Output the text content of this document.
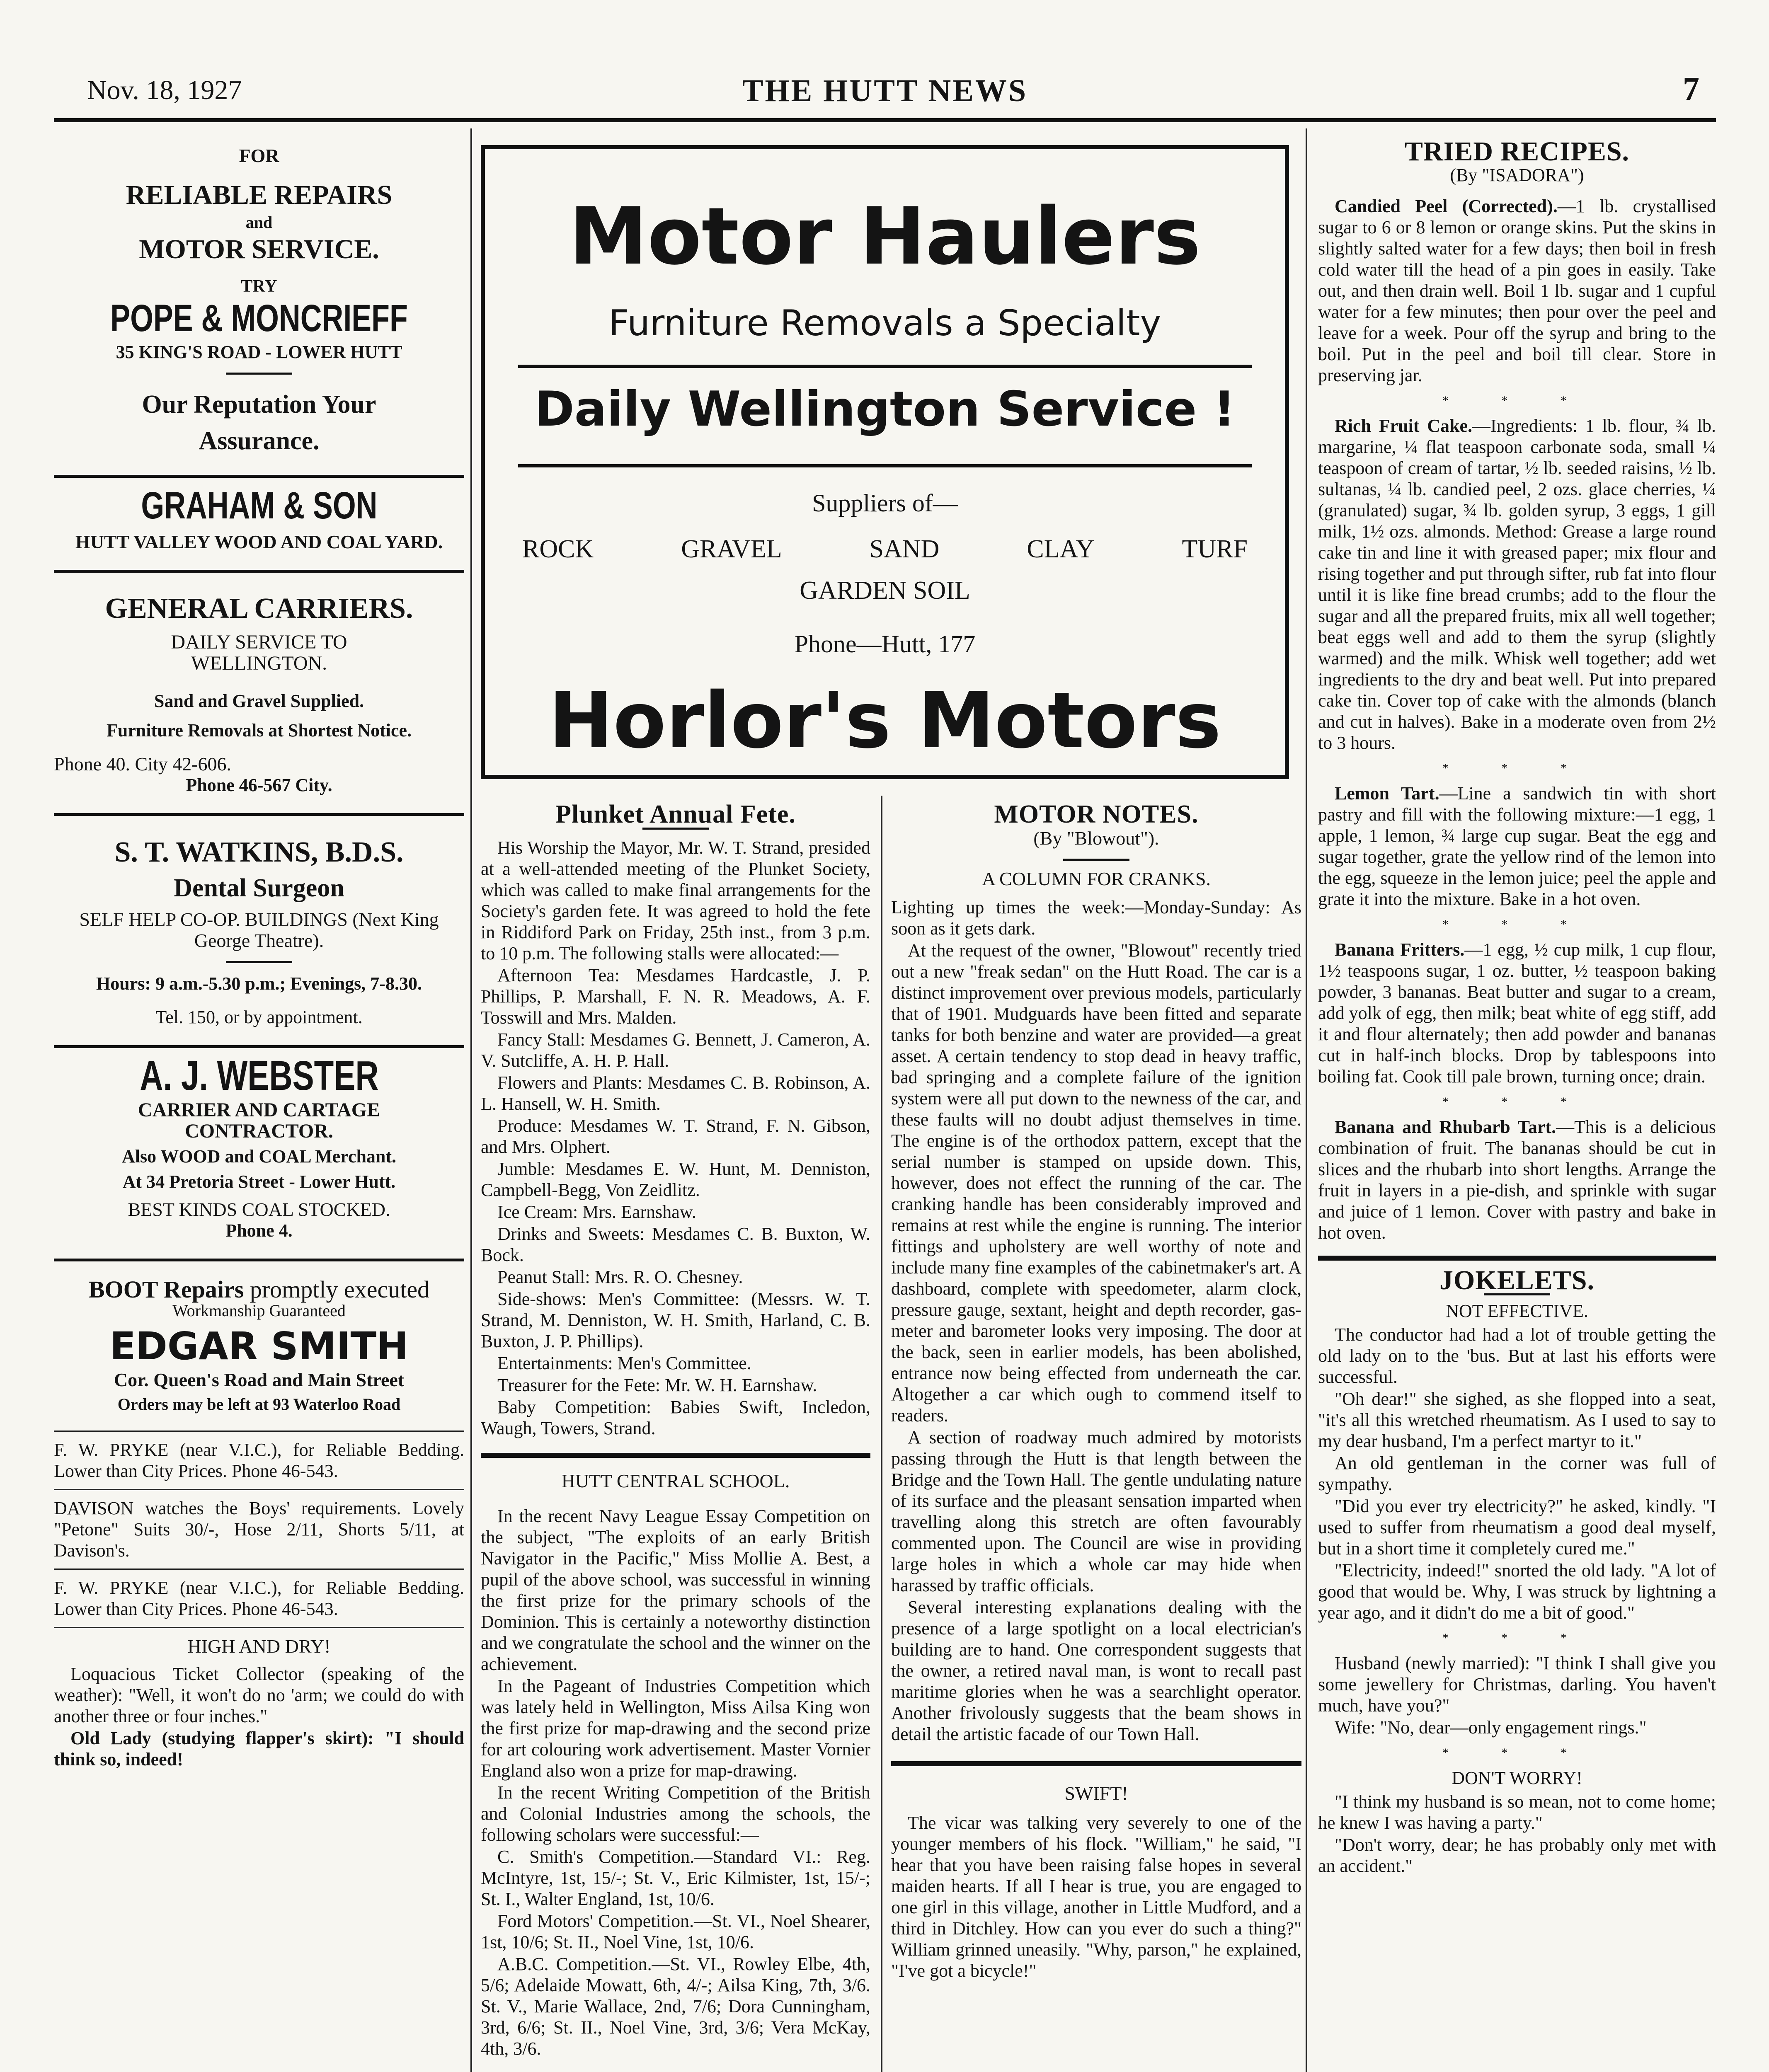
Nov. 18, 1927	THE HUTT NEWS	7
FOR
RELIABLE REPAIRS
and
MOTOR SERVICE.
TRY
POPE & MONCRIEFF
35 KING'S ROAD - LOWER HUTT
Our Reputation Your
Assurance.
GRAHAM & SON
HUTT VALLEY WOOD AND COAL YARD.
GENERAL CARRIERS.
DAILY SERVICE TO WELLINGTON.
Sand and Gravel Supplied.
Furniture Removals at Shortest Notice.
Phone 40. City 42-606.
Phone 46-567 City.
S. T. WATKINS, B.D.S.
Dental Surgeon
SELF HELP CO-OP. BUILDINGS (Next King George Theatre).
Hours: 9 a.m.-5.30 p.m.; Evenings, 7-8.30.
Tel. 150, or by appointment.
A. J. WEBSTER
CARRIER AND CARTAGE CONTRACTOR.
Also WOOD and COAL Merchant.
At 34 Pretoria Street - Lower Hutt.
BEST KINDS COAL STOCKED.
Phone 4.
BOOT Repairs promptly executed
Workmanship Guaranteed
EDGAR SMITH
Cor. Queen's Road and Main Street
Orders may be left at 93 Waterloo Road

F. W. PRYKE (near V.I.C.), for Reliable Bedding. Lower than City Prices. Phone 46-543.

DAVISON watches the Boys' requirements. Lovely "Petone" Suits 30/-, Hose 2/11, Shorts 5/11, at Davison's.

F. W. PRYKE (near V.I.C.), for Reliable Bedding. Lower than City Prices. Phone 46-543.

HIGH AND DRY!

Loquacious Ticket Collector (speaking of the weather): "Well, it won't do no 'arm; we could do with another three or four inches."

Old Lady (studying flapper's skirt): "I should think so, indeed!

Motor Haulers
Furniture Removals a Specialty
Daily Wellington Service !
Suppliers of—
ROCK	GRAVEL	SAND	CLAY	TURF
GARDEN SOIL
Phone—Hutt, 177
Horlor's Motors
Plunket Annual Fete.

His Worship the Mayor, Mr. W. T. Strand, presided at a well-attended meeting of the Plunket Society, which was called to make final arrangements for the Society's garden fete. It was agreed to hold the fete in Riddiford Park on Friday, 25th inst., from 3 p.m. to 10 p.m. The following stalls were allocated:—

Afternoon Tea: Mesdames Hardcastle, J. P. Phillips, P. Marshall, F. N. R. Meadows, A. F. Tosswill and Mrs. Malden.

Fancy Stall: Mesdames G. Bennett, J. Cameron, A. V. Sutcliffe, A. H. P. Hall.

Flowers and Plants: Mesdames C. B. Robinson, A. L. Hansell, W. H. Smith.

Produce: Mesdames W. T. Strand, F. N. Gibson, and Mrs. Olphert.

Jumble: Mesdames E. W. Hunt, M. Denniston, Campbell-Begg, Von Zeidlitz.

Ice Cream: Mrs. Earnshaw.

Drinks and Sweets: Mesdames C. B. Buxton, W. Bock.

Peanut Stall: Mrs. R. O. Chesney.

Side-shows: Men's Committee: (Messrs. W. T. Strand, M. Denniston, W. H. Smith, Harland, C. B. Buxton, J. P. Phillips).

Entertainments: Men's Committee.

Treasurer for the Fete: Mr. W. H. Earnshaw.

Baby Competition: Babies Swift, Incledon, Waugh, Towers, Strand.

HUTT CENTRAL SCHOOL.

In the recent Navy League Essay Competition on the subject, "The exploits of an early British Navigator in the Pacific," Miss Mollie A. Best, a pupil of the above school, was successful in winning the first prize for the primary schools of the Dominion. This is certainly a noteworthy distinction and we congratulate the school and the winner on the achievement.

In the Pageant of Industries Competition which was lately held in Wellington, Miss Ailsa King won the first prize for map-drawing and the second prize for art colouring work advertisement. Master Vornier England also won a prize for map-drawing.

In the recent Writing Competition of the British and Colonial Industries among the schools, the following scholars were successful:—

C. Smith's Competition.—Standard VI.: Reg. McIntyre, 1st, 15/-; St. V., Eric Kilmister, 1st, 15/-; St. I., Walter England, 1st, 10/6.

Ford Motors' Competition.—St. VI., Noel Shearer, 1st, 10/6; St. II., Noel Vine, 1st, 10/6.

A.B.C. Competition.—St. VI., Rowley Elbe, 4th, 5/6; Adelaide Mowatt, 6th, 4/-; Ailsa King, 7th, 3/6. St. V., Marie Wallace, 2nd, 7/6; Dora Cunningham, 3rd, 6/6; St. II., Noel Vine, 3rd, 3/6; Vera McKay, 4th, 3/6.

MOTOR NOTES.
(By "Blowout").
A COLUMN FOR CRANKS.

Lighting up times the week:—Monday-Sunday: As soon as it gets dark.

At the request of the owner, "Blowout" recently tried out a new "freak sedan" on the Hutt Road. The car is a distinct improvement over previous models, particularly that of 1901. Mudguards have been fitted and separate tanks for both benzine and water are provided—a great asset. A certain tendency to stop dead in heavy traffic, bad springing and a complete failure of the ignition system were all put down to the newness of the car, and these faults will no doubt adjust themselves in time. The engine is of the orthodox pattern, except that the serial number is stamped on upside down. This, however, does not effect the running of the car. The cranking handle has been considerably improved and remains at rest while the engine is running. The interior fittings and upholstery are well worthy of note and include many fine examples of the cabinetmaker's art. A dashboard, complete with speedometer, alarm clock, pressure gauge, sextant, height and depth recorder, gas-meter and barometer looks very imposing. The door at the back, seen in earlier models, has been abolished, entrance now being effected from underneath the car. Altogether a car which ough to commend itself to readers.

A section of roadway much admired by motorists passing through the Hutt is that length between the Bridge and the Town Hall. The gentle undulating nature of its surface and the pleasant sensation imparted when travelling along this stretch are often favourably commented upon. The Council are wise in providing large holes in which a whole car may hide when harassed by traffic officials.

Several interesting explanations dealing with the presence of a large spotlight on a local electrician's building are to hand. One correspondent suggests that the owner, a retired naval man, is wont to recall past maritime glories when he was a searchlight operator. Another frivolously suggests that the beam shows in detail the artistic facade of our Town Hall.

SWIFT!

The vicar was talking very severely to one of the younger members of his flock. "William," he said, "I hear that you have been raising false hopes in several maiden hearts. If all I hear is true, you are engaged to one girl in this village, another in Little Mudford, and a third in Ditchley. How can you ever do such a thing?" William grinned uneasily. "Why, parson," he explained, "I've got a bicycle!"

TRIED RECIPES.
(By "ISADORA")

Candied Peel (Corrected).—1 lb. crystallised sugar to 6 or 8 lemon or orange skins. Put the skins in slightly salted water for a few days; then boil in fresh cold water till the head of a pin goes in easily. Take out, and then drain well. Boil 1 lb. sugar and 1 cupful water for a few minutes; then pour over the peel and leave for a week. Pour off the syrup and bring to the boil. Put in the peel and boil till clear. Store in preserving jar.

* * *

Rich Fruit Cake.—Ingredients: 1 lb. flour, ¾ lb. margarine, ¼ flat teaspoon carbonate soda, small ¼ teaspoon of cream of tartar, ½ lb. seeded raisins, ½ lb. sultanas, ¼ lb. candied peel, 2 ozs. glace cherries, ¼ (granulated) sugar, ¾ lb. golden syrup, 3 eggs, 1 gill milk, 1½ ozs. almonds. Method: Grease a large round cake tin and line it with greased paper; mix flour and rising together and put through sifter, rub fat into flour until it is like fine bread crumbs; add to the flour the sugar and all the prepared fruits, mix all well together; beat eggs well and add to them the syrup (slightly warmed) and the milk. Whisk well together; add wet ingredients to the dry and beat well. Put into prepared cake tin. Cover top of cake with the almonds (blanch and cut in halves). Bake in a moderate oven from 2½ to 3 hours.

* * *

Lemon Tart.—Line a sandwich tin with short pastry and fill with the following mixture:—1 egg, 1 apple, 1 lemon, ¾ large cup sugar. Beat the egg and sugar together, grate the yellow rind of the lemon into the egg, squeeze in the lemon juice; peel the apple and grate it into the mixture. Bake in a hot oven.

* * *

Banana Fritters.—1 egg, ½ cup milk, 1 cup flour, 1½ teaspoons sugar, 1 oz. butter, ½ teaspoon baking powder, 3 bananas. Beat butter and sugar to a cream, add yolk of egg, then milk; beat white of egg stiff, add it and flour alternately; then add powder and bananas cut in half-inch blocks. Drop by tablespoons into boiling fat. Cook till pale brown, turning once; drain.

* * *

Banana and Rhubarb Tart.—This is a delicious combination of fruit. The bananas should be cut in slices and the rhubarb into short lengths. Arrange the fruit in layers in a pie-dish, and sprinkle with sugar and juice of 1 lemon. Cover with pastry and bake in hot oven.

JOKELETS.
NOT EFFECTIVE.

The conductor had had a lot of trouble getting the old lady on to the 'bus. But at last his efforts were successful.

"Oh dear!" she sighed, as she flopped into a seat, "it's all this wretched rheumatism. As I used to say to my dear husband, I'm a perfect martyr to it."

An old gentleman in the corner was full of sympathy.

"Did you ever try electricity?" he asked, kindly. "I used to suffer from rheumatism a good deal myself, but in a short time it completely cured me."

"Electricity, indeed!" snorted the old lady. "A lot of good that would be. Why, I was struck by lightning a year ago, and it didn't do me a bit of good."

* * *

Husband (newly married): "I think I shall give you some jewellery for Christmas, darling. You haven't much, have you?"

Wife: "No, dear—only engagement rings."

* * *
DON'T WORRY!

"I think my husband is so mean, not to come home; he knew I was having a party."

"Don't worry, dear; he has probably only met with an accident."
